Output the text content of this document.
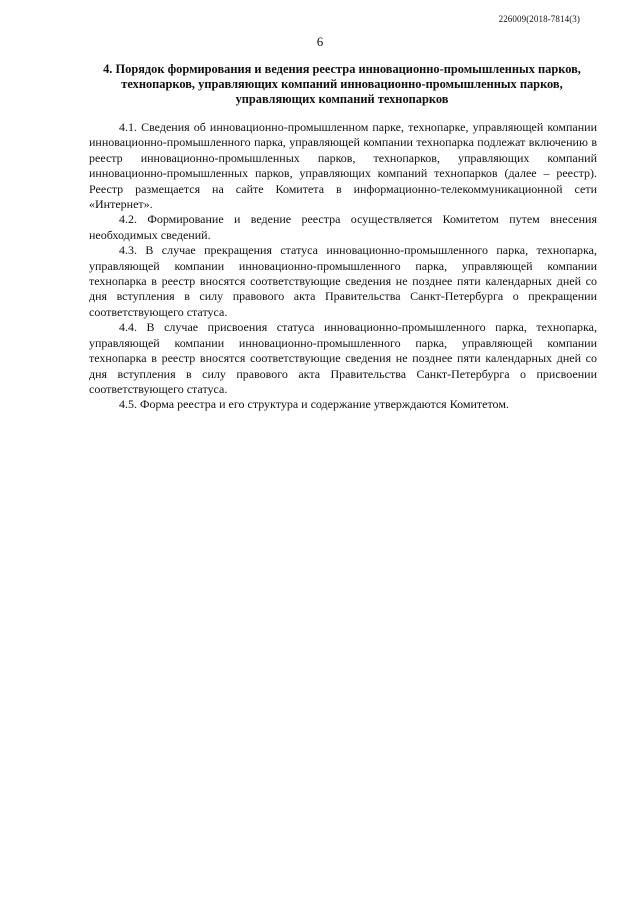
226009(2018-7814(3)
6
4. Порядок формирования и ведения реестра инновационно-промышленных парков, технопарков, управляющих компаний инновационно-промышленных парков, управляющих компаний технопарков

4.1. Сведения об инновационно-промышленном парке, технопарке, управляющей компании инновационно-промышленного парка, управляющей компании технопарка подлежат включению в реестр инновационно-промышленных парков, технопарков, управляющих компаний инновационно-промышленных парков, управляющих компаний технопарков (далее – реестр). Реестр размещается на сайте Комитета в информационно-телекоммуникационной сети «Интернет».

4.2. Формирование и ведение реестра осуществляется Комитетом путем внесения необходимых сведений.

4.3. В случае прекращения статуса инновационно-промышленного парка, технопарка, управляющей компании инновационно-промышленного парка, управляющей компании технопарка в реестр вносятся соответствующие сведения не позднее пяти календарных дней со дня вступления в силу правового акта Правительства Санкт-Петербурга о прекращении соответствующего статуса.

4.4. В случае присвоения статуса инновационно-промышленного парка, технопарка, управляющей компании инновационно-промышленного парка, управляющей компании технопарка в реестр вносятся соответствующие сведения не позднее пяти календарных дней со дня вступления в силу правового акта Правительства Санкт-Петербурга о присвоении соответствующего статуса.

4.5. Форма реестра и его структура и содержание утверждаются Комитетом.
